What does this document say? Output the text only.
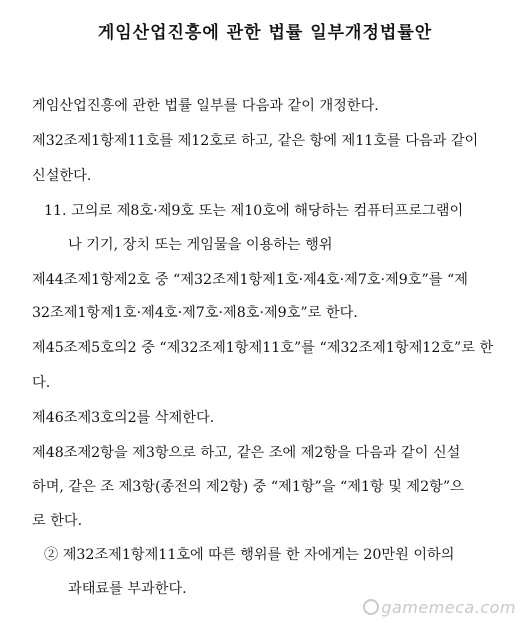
게임산업진흥에 관한 법률 일부개정법률안
게임산업진흥에 관한 법률 일부를 다음과 같이 개정한다.
제32조제1항제11호를 제12호로 하고, 같은 항에 제11호를 다음과 같이
신설한다.
11. 고의로 제8호·제9호 또는 제10호에 해당하는 컴퓨터프로그램이
나 기기, 장치 또는 게임물을 이용하는 행위
제44조제1항제2호 중 “제32조제1항제1호·제4호·제7호·제9호”를 “제
32조제1항제1호·제4호·제7호·제8호·제9호”로 한다.
제45조제5호의2 중 “제32조제1항제11호”를 “제32조제1항제12호”로 한
다.
제46조제3호의2를 삭제한다.
제48조제2항을 제3항으로 하고, 같은 조에 제2항을 다음과 같이 신설
하며, 같은 조 제3항(종전의 제2항) 중 “제1항”을 “제1항 및 제2항”으
로 한다.
② 제32조제1항제11호에 따른 행위를 한 자에게는 20만원 이하의
과태료를 부과한다.
gamemeca.com
